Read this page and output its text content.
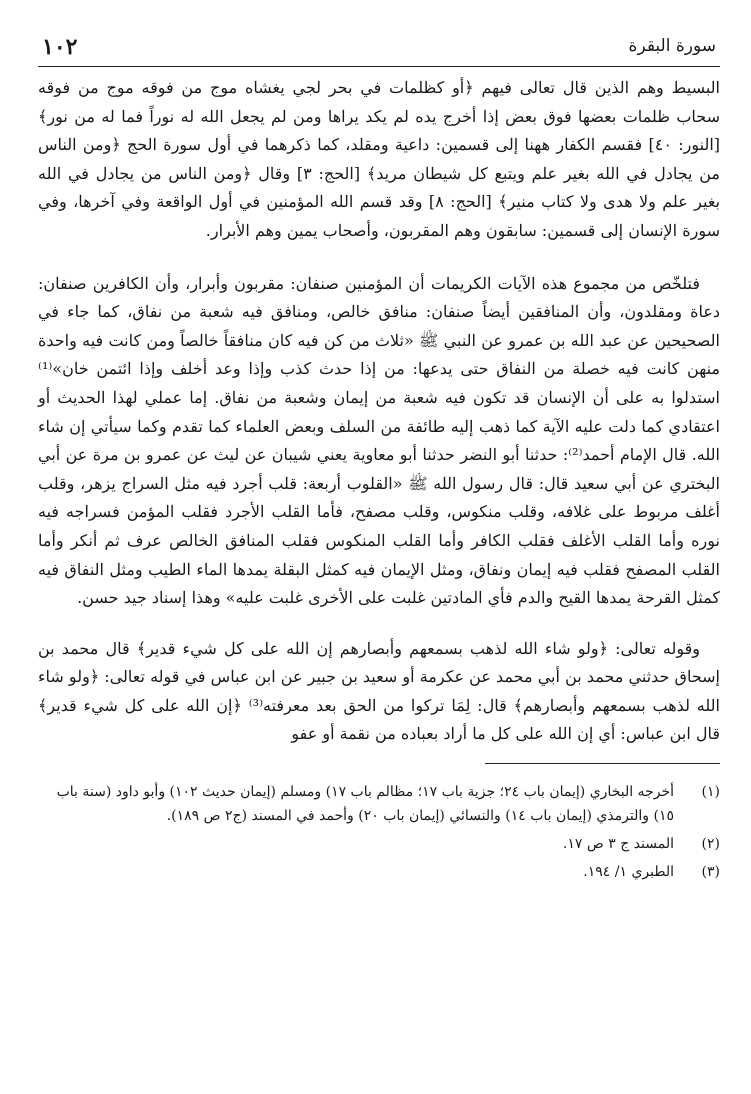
١٠٢	سورة البقرة

البسيط وهم الذين قال تعالى فيهم ﴿أو كظلمات في بحر لجي يغشاه موج من فوقه موج من فوقه سحاب ظلمات بعضها فوق بعض إذا أخرج يده لم يكد يراها ومن لم يجعل الله له نوراً فما له من نور﴾ [النور: ٤٠] فقسم الكفار ههنا إلى قسمين: داعية ومقلد، كما ذكرهما في أول سورة الحج ﴿ومن الناس من يجادل في الله بغير علم ويتبع كل شيطان مريد﴾ [الحج: ٣] وقال ﴿ومن الناس من يجادل في الله بغير علم ولا هدى ولا كتاب منير﴾ [الحج: ٨] وقد قسم الله المؤمنين في أول الواقعة وفي آخرها، وفي سورة الإنسان إلى قسمين: سابقون وهم المقربون، وأصحاب يمين وهم الأبرار.

فتلخّص من مجموع هذه الآيات الكريمات أن المؤمنين صنفان: مقربون وأبرار، وأن الكافرين صنفان: دعاة ومقلدون، وأن المنافقين أيضاً صنفان: منافق خالص، ومنافق فيه شعبة من نفاق، كما جاء في الصحيحين عن عبد الله بن عمرو عن النبي ﷺ «ثلاث من كن فيه كان منافقاً خالصاً ومن كانت فيه واحدة منهن كانت فيه خصلة من النفاق حتى يدعها: من إذا حدث كذب وإذا وعد أخلف وإذا ائتمن خان»⁽¹⁾ استدلوا به على أن الإنسان قد تكون فيه شعبة من إيمان وشعبة من نفاق. إما عملي لهذا الحديث أو اعتقادي كما دلت عليه الآية كما ذهب إليه طائفة من السلف وبعض العلماء كما تقدم وكما سيأتي إن شاء الله. قال الإمام أحمد⁽²⁾: حدثنا أبو النضر حدثنا أبو معاوية يعني شيبان عن ليث عن عمرو بن مرة عن أبي البختري عن أبي سعيد قال: قال رسول الله ﷺ «القلوب أربعة: قلب أجرد فيه مثل السراج يزهر، وقلب أغلف مربوط على غلافه، وقلب منكوس، وقلب مصفح، فأما القلب الأجرد فقلب المؤمن فسراجه فيه نوره وأما القلب الأغلف فقلب الكافر وأما القلب المنكوس فقلب المنافق الخالص عرف ثم أنكر وأما القلب المصفح فقلب فيه إيمان ونفاق، ومثل الإيمان فيه كمثل البقلة يمدها الماء الطيب ومثل النفاق فيه كمثل القرحة يمدها القيح والدم فأي المادتين غلبت على الأخرى غلبت عليه» وهذا إسناد جيد حسن.

وقوله تعالى: ﴿ولو شاء الله لذهب بسمعهم وأبصارهم إن الله على كل شيء قدير﴾ قال محمد بن إسحاق حدثني محمد بن أبي محمد عن عكرمة أو سعيد بن جبير عن ابن عباس في قوله تعالى: ﴿ولو شاء الله لذهب بسمعهم وأبصارهم﴾ قال: لِمَا تركوا من الحق بعد معرفته⁽³⁾ ﴿إن الله على كل شيء قدير﴾ قال ابن عباس: أي إن الله على كل ما أراد بعباده من نقمة أو عفو

(١)
أخرجه البخاري (إيمان باب ٢٤؛ جزية باب ١٧؛ مظالم باب ١٧) ومسلم (إيمان حديث ١٠٢) وأبو داود (سنة باب ١٥) والترمذي (إيمان باب ١٤) والنسائي (إيمان باب ٢٠) وأحمد في المسند (ج٢ ص ١٨٩).
(٢)
المسند ج ٣ ص ١٧.
(٣)
الطبري ١/ ١٩٤.
